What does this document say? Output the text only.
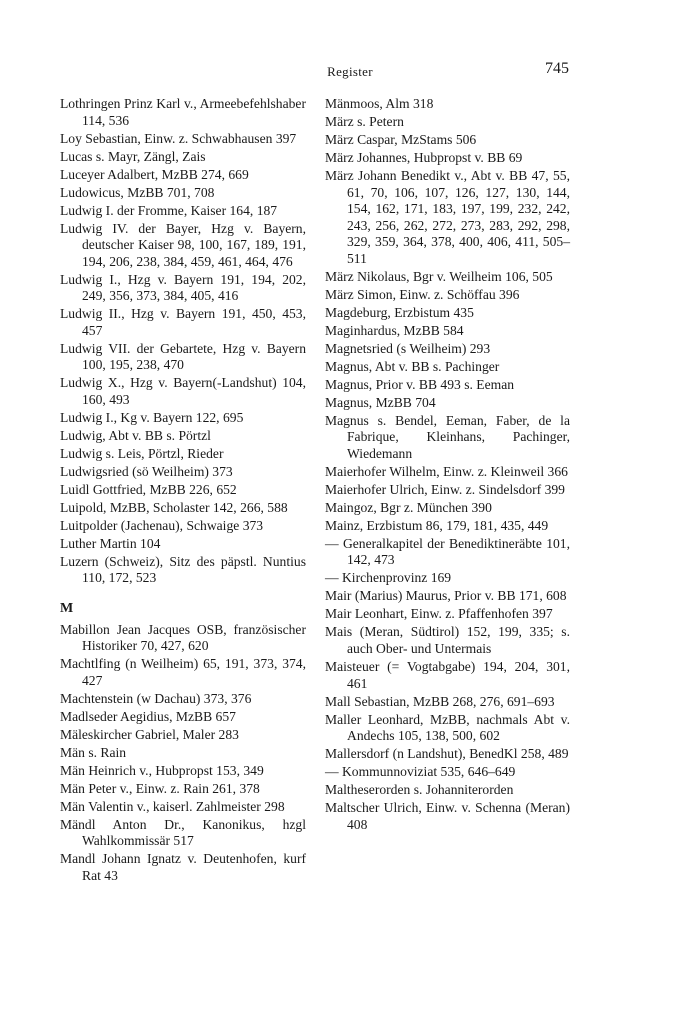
Register	745

Lothringen Prinz Karl v., Armeebefehlshaber 114, 536

Loy Sebastian, Einw. z. Schwabhausen 397

Lucas s. Mayr, Zängl, Zais

Luceyer Adalbert, MzBB 274, 669

Ludowicus, MzBB 701, 708

Ludwig I. der Fromme, Kaiser 164, 187

Ludwig IV. der Bayer, Hzg v. Bayern, deutscher Kaiser 98, 100, 167, 189, 191, 194, 206, 238, 384, 459, 461, 464, 476

Ludwig I., Hzg v. Bayern 191, 194, 202, 249, 356, 373, 384, 405, 416

Ludwig II., Hzg v. Bayern 191, 450, 453, 457

Ludwig VII. der Gebartete, Hzg v. Bayern 100, 195, 238, 470

Ludwig X., Hzg v. Bayern(-Landshut) 104, 160, 493

Ludwig I., Kg v. Bayern 122, 695

Ludwig, Abt v. BB s. Pörtzl

Ludwig s. Leis, Pörtzl, Rieder

Ludwigsried (sö Weilheim) 373

Luidl Gottfried, MzBB 226, 652

Luipold, MzBB, Scholaster 142, 266, 588

Luitpolder (Jachenau), Schwaige 373

Luther Martin 104

Luzern (Schweiz), Sitz des päpstl. Nuntius 110, 172, 523

M

Mabillon Jean Jacques OSB, französischer Historiker 70, 427, 620

Machtlfing (n Weilheim) 65, 191, 373, 374, 427

Machtenstein (w Dachau) 373, 376

Madlseder Aegidius, MzBB 657

Mäleskircher Gabriel, Maler 283

Män s. Rain

Män Heinrich v., Hubpropst 153, 349

Män Peter v., Einw. z. Rain 261, 378

Män Valentin v., kaiserl. Zahlmeister 298

Mändl Anton Dr., Kanonikus, hzgl Wahlkommissär 517

Mandl Johann Ignatz v. Deutenhofen, kurf Rat 43

Mänmoos, Alm 318

März s. Petern

März Caspar, MzStams 506

März Johannes, Hubpropst v. BB 69

März Johann Benedikt v., Abt v. BB 47, 55, 61, 70, 106, 107, 126, 127, 130, 144, 154, 162, 171, 183, 197, 199, 232, 242, 243, 256, 262, 272, 273, 283, 292, 298, 329, 359, 364, 378, 400, 406, 411, 505–511

März Nikolaus, Bgr v. Weilheim 106, 505

März Simon, Einw. z. Schöffau 396

Magdeburg, Erzbistum 435

Maginhardus, MzBB 584

Magnetsried (s Weilheim) 293

Magnus, Abt v. BB s. Pachinger

Magnus, Prior v. BB 493 s. Eeman

Magnus, MzBB 704

Magnus s. Bendel, Eeman, Faber, de la Fabrique, Kleinhans, Pachinger, Wiedemann

Maierhofer Wilhelm, Einw. z. Kleinweil 366

Maierhofer Ulrich, Einw. z. Sindelsdorf 399

Maingoz, Bgr z. München 390

Mainz, Erzbistum 86, 179, 181, 435, 449

— Generalkapitel der Benediktineräbte 101, 142, 473

— Kirchenprovinz 169

Mair (Marius) Maurus, Prior v. BB 171, 608

Mair Leonhart, Einw. z. Pfaffenhofen 397

Mais (Meran, Südtirol) 152, 199, 335; s. auch Ober- und Untermais

Maisteuer (= Vogtabgabe) 194, 204, 301, 461

Mall Sebastian, MzBB 268, 276, 691–693

Maller Leonhard, MzBB, nachmals Abt v. Andechs 105, 138, 500, 602

Mallersdorf (n Landshut), BenedKl 258, 489

— Kommunnoviziat 535, 646–649

Maltheserorden s. Johanniterorden

Maltscher Ulrich, Einw. v. Schenna (Meran) 408
